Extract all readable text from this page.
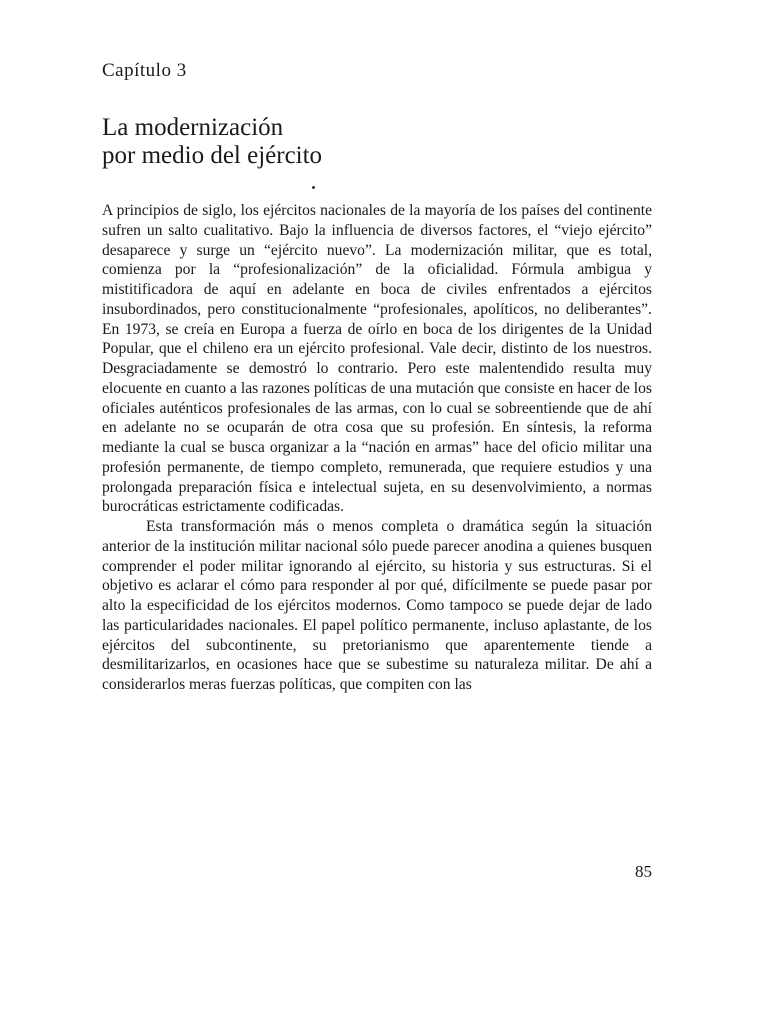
Capítulo 3

La modernización
por medio del ejército

A principios de siglo, los ejércitos nacionales de la mayoría de los países del continente sufren un salto cualitativo. Bajo la influencia de diversos factores, el “viejo ejército” desaparece y surge un “ejército nuevo”. La modernización militar, que es total, comienza por la “profesionalización” de la oficialidad. Fórmula ambigua y mistitificadora de aquí en adelante en boca de civiles enfrentados a ejércitos insubordinados, pero constitucionalmente “profesionales, apolíticos, no deliberantes”. En 1973, se creía en Europa a fuerza de oírlo en boca de los dirigentes de la Unidad Popular, que el chileno era un ejército profesional. Vale decir, distinto de los nuestros. Desgraciadamente se demostró lo contrario. Pero este malentendido resulta muy elocuente en cuanto a las razones políticas de una mutación que consiste en hacer de los oficiales auténticos profesionales de las armas, con lo cual se sobreentiende que de ahí en adelante no se ocuparán de otra cosa que su profesión. En síntesis, la reforma mediante la cual se busca organizar a la “nación en armas” hace del oficio militar una profesión permanente, de tiempo completo, remunerada, que requiere estudios y una prolongada preparación física e intelectual sujeta, en su desenvolvimiento, a normas burocráticas estrictamente codificadas.

Esta transformación más o menos completa o dramática según la situación anterior de la institución militar nacional sólo puede parecer anodina a quienes busquen comprender el poder militar ignorando al ejército, su historia y sus estructuras. Si el objetivo es aclarar el cómo para responder al por qué, difícilmente se puede pasar por alto la especificidad de los ejércitos modernos. Como tampoco se puede dejar de lado las particularidades nacionales. El papel político permanente, incluso aplastante, de los ejércitos del subcontinente, su pretorianismo que aparentemente tiende a desmilitarizarlos, en ocasiones hace que se subestime su naturaleza militar. De ahí a considerarlos meras fuerzas políticas, que compiten con las

85
